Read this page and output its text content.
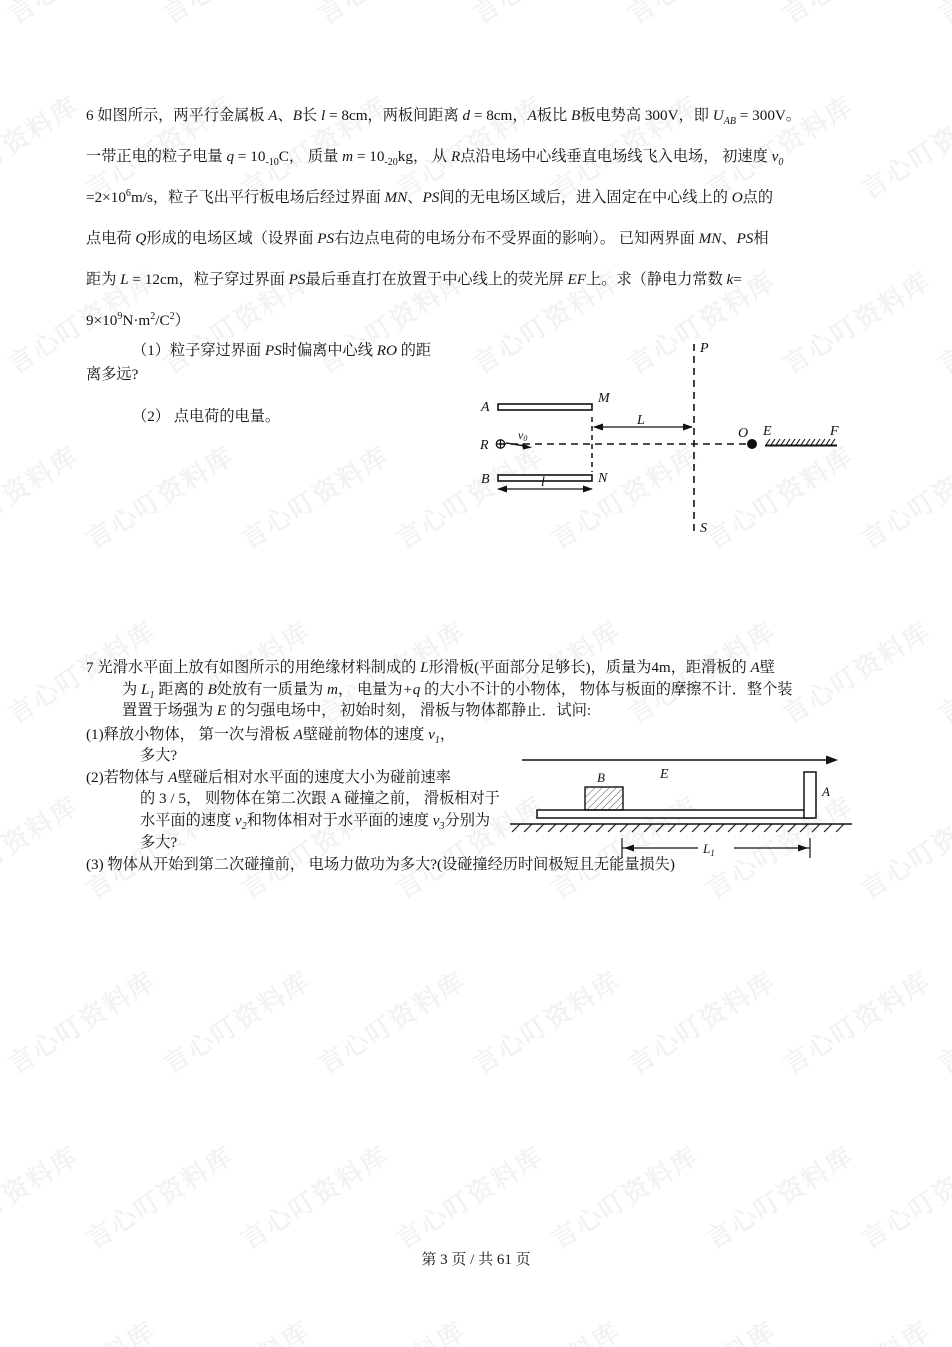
6 如图所示，两平行金属板 A、B长 l = 8cm，两板间距离 d = 8cm，A板比 B板电势高 300V，即 $U_{AB} = 300V$。

一带正电的粒子电量 $q = 10_{-10}C$， 质量 $m = 10_{-20}kg$， 从 R点沿电场中心线垂直电场线飞入电场， 初速度 $v_0$

$=2\times 10^6m/s$，粒子飞出平行板电场后经过界面 MN、PS间的无电场区域后，进入固定在中心线上的 O点的

点电荷 Q形成的电场区域（设界面 PS右边点电荷的电场分布不受界面的影响）。 已知两界面 MN、PS相

距为 L = 12cm，粒子穿过界面 PS最后垂直打在放置于中心线上的荧光屏 EF上。求（静电力常数 k=

$9\times 10^9N\cdot m^2/C^2$）

（1）粒子穿过界面 PS时偏离中心线 RO 的距
离多远?
（2） 点电荷的电量。
A
B
M
N
P
S
R
v0	O E	F
L
l
7 光滑水平面上放有如图所示的用绝缘材料制成的 L形滑板(平面部分足够长)，质量为4m，距滑板的 A壁
为 $L_1$ 距离的 B处放有一质量为 m， 电量为+q 的大小不计的小物体， 物体与板面的摩擦不计．整个装
置置于场强为 E 的匀强电场中， 初始时刻， 滑板与物体都静止．试问:
(1)释放小物体， 第一次与滑板 A壁碰前物体的速度 $v_1$，
多大?
(2)若物体与 A壁碰后相对水平面的速度大小为碰前速率
的 3 / 5， 则物体在第二次跟 A 碰撞之前， 滑板相对于
水平面的速度 $v_2$和物体相对于水平面的速度 $v_3$分别为
多大?
(3) 物体从开始到第二次碰撞前， 电场力做功为多大?(设碰撞经历时间极短且无能量损失)
E
A
B
$L_1$
第 3 页 / 共 61 页
